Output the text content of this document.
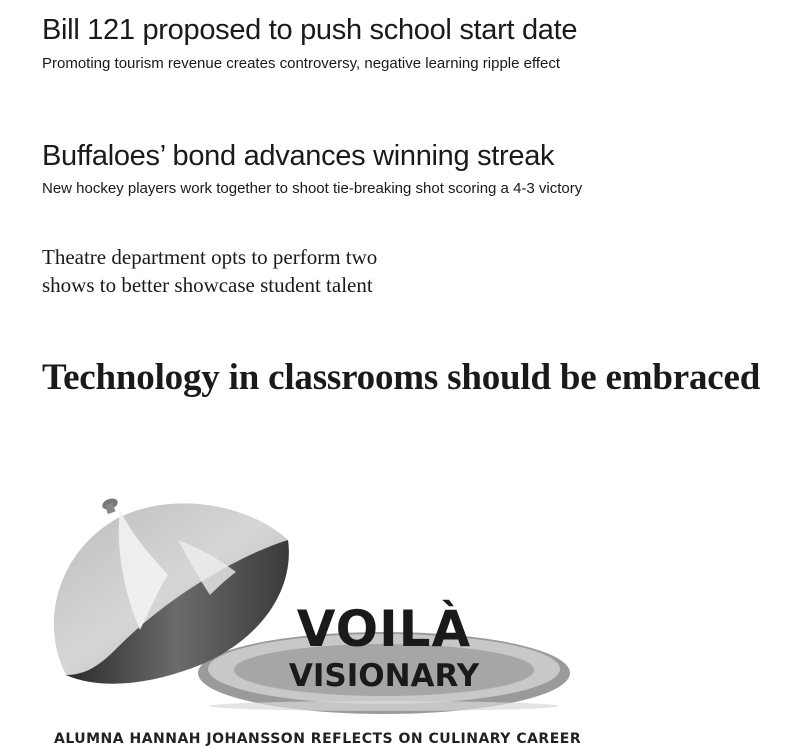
Bill 121 proposed to push school start date
Promoting tourism revenue creates controversy, negative learning ripple effect
Buffaloes’ bond advances winning streak
New hockey players work together to shoot tie-breaking shot scoring a 4-3 victory
Theatre department opts to perform two
shows to better showcase student talent
Technology in classrooms should be embraced
VOILÀ
VISIONARY
ALUMNA HANNAH JOHANSSON REFLECTS ON CULINARY CAREER
